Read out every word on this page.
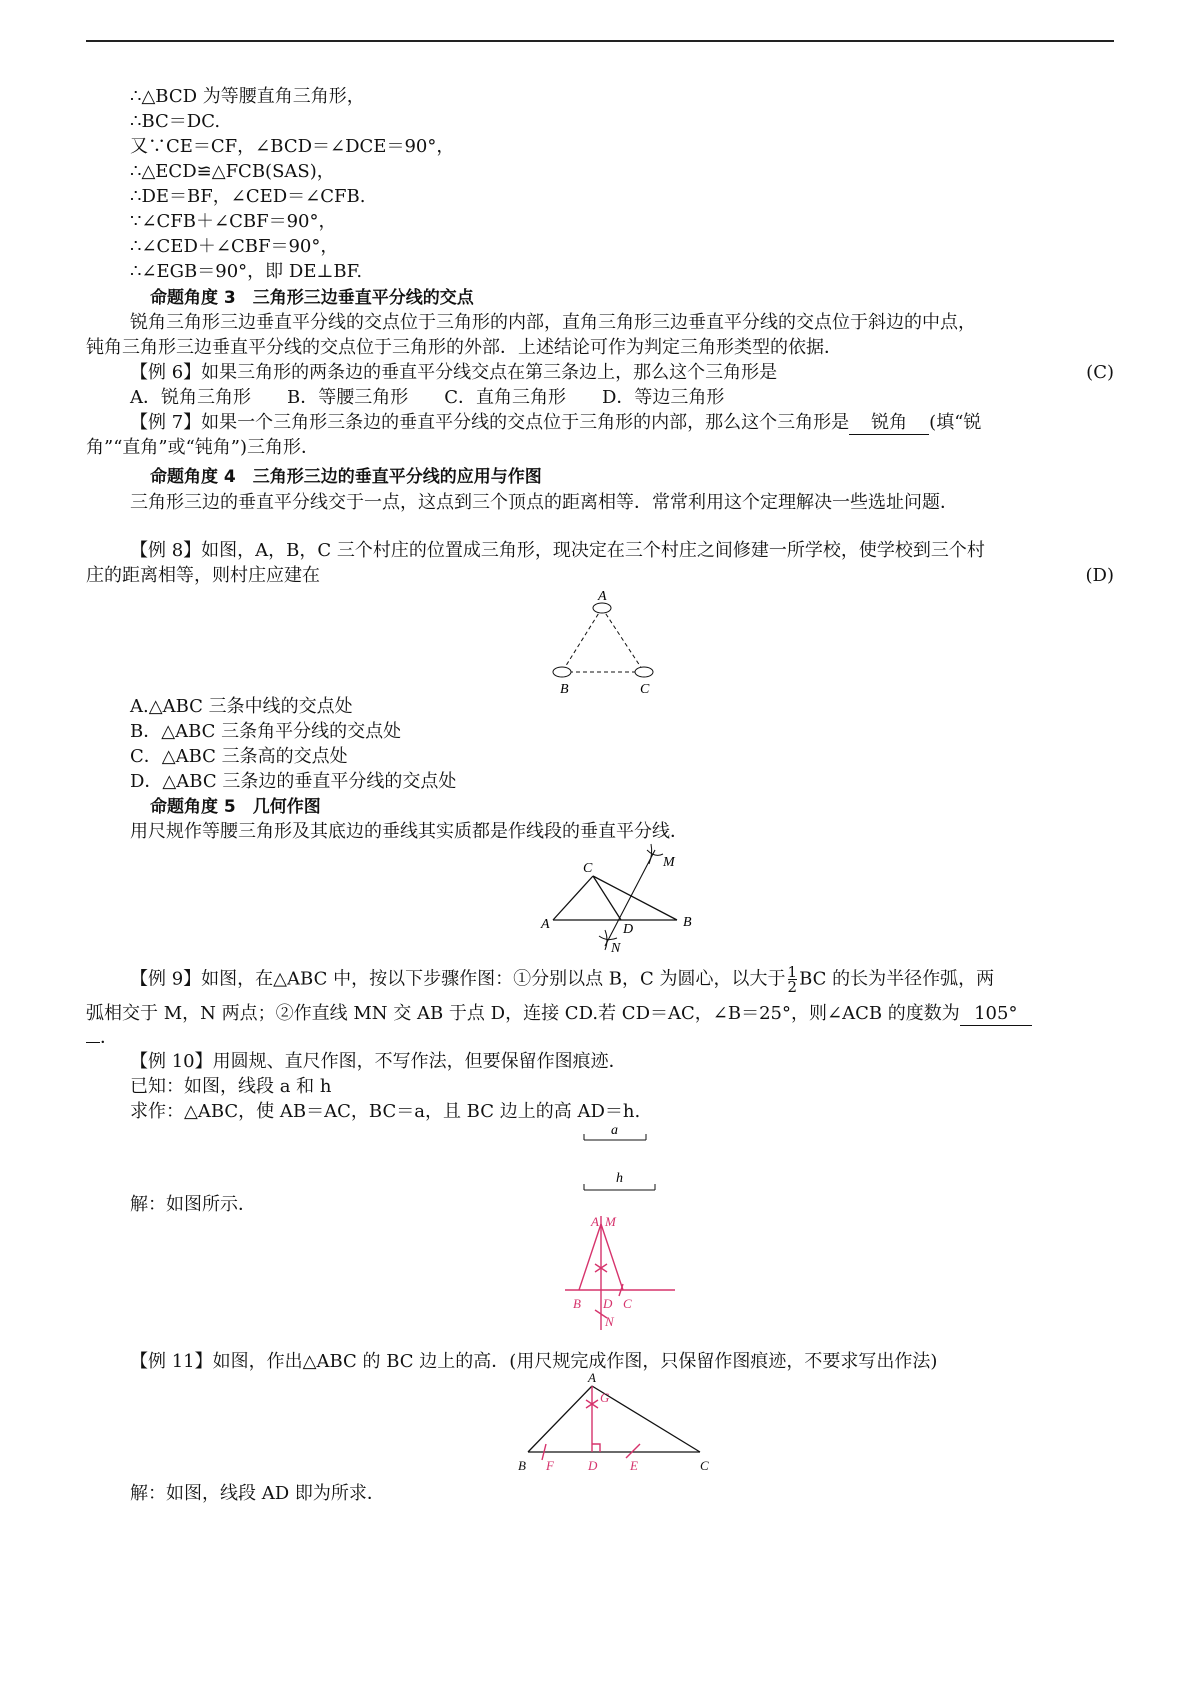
∴△BCD 为等腰直角三角形，
∴BC＝DC.
又∵CE＝CF，∠BCD＝∠DCE＝90°，
∴△ECD≌△FCB(SAS)，
∴DE＝BF，∠CED＝∠CFB.
∵∠CFB＋∠CBF＝90°，
∴∠CED＋∠CBF＝90°，
∴∠EGB＝90°，即 DE⊥BF.
命题角度 3　三角形三边垂直平分线的交点
锐角三角形三边垂直平分线的交点位于三角形的内部，直角三角形三边垂直平分线的交点位于斜边的中点，
钝角三角形三边垂直平分线的交点位于三角形的外部．上述结论可作为判定三角形类型的依据．
【例 6】如果三角形的两条边的垂直平分线交点在第三条边上，那么这个三角形是	(C)
A．锐角三角形　　B．等腰三角形　　C．直角三角形　　D．等边三角形
【例 7】如果一个三角形三条边的垂直平分线的交点位于三角形的内部，那么这个三角形是 锐角 (填“锐
角”“直角”或“钝角”)三角形．
命题角度 4　三角形三边的垂直平分线的应用与作图
三角形三边的垂直平分线交于一点，这点到三个顶点的距离相等．常常利用这个定理解决一些选址问题．
【例 8】如图，A，B，C 三个村庄的位置成三角形，现决定在三个村庄之间修建一所学校，使学校到三个村
庄的距离相等，则村庄应建在	(D)
A
B	C
A.△ABC 三条中线的交点处
B．△ABC 三条角平分线的交点处
C．△ABC 三条高的交点处
D．△ABC 三条边的垂直平分线的交点处
命题角度 5　几何作图
用尺规作等腰三角形及其底边的垂线其实质都是作线段的垂直平分线．
A	B
C
D
M
N
【例 9】如图，在△ABC 中，按以下步骤作图：①分别以点 B，C 为圆心，以大于 $\frac{1}{2}$ BC 的长为半径作弧，两
弧相交于 M，N 两点；②作直线 MN 交 AB 于点 D，连接 CD.若 CD＝AC，∠B＝25°，则∠ACB 的度数为 105°
．
【例 10】用圆规、直尺作图，不写作法，但要保留作图痕迹．
已知：如图，线段 a 和 h
求作：△ABC，使 AB＝AC，BC＝a，且 BC 边上的高 AD＝h.
a
h
解：如图所示．
A M
B D C
N
【例 11】如图，作出△ABC 的 BC 边上的高．(用尺规完成作图，只保留作图痕迹，不要求写出作法)
A
G
B F	D	E	C
解：如图，线段 AD 即为所求．
